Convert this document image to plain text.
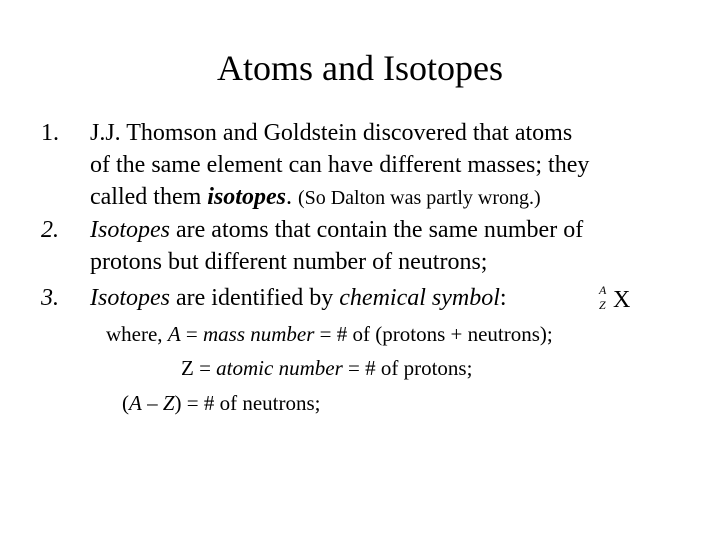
Atoms and Isotopes
1. J.J. Thomson and Goldstein discovered that atoms
of the same element can have different masses; they
called them isotopes. (So Dalton was partly wrong.)
2. Isotopes are atoms that contain the same number of
protons but different number of neutrons;
3. Isotopes are identified by chemical symbol:	A
Z X
where, A = mass number = # of (protons + neutrons);
Z = atomic number = # of protons;
(A – Z) = # of neutrons;
